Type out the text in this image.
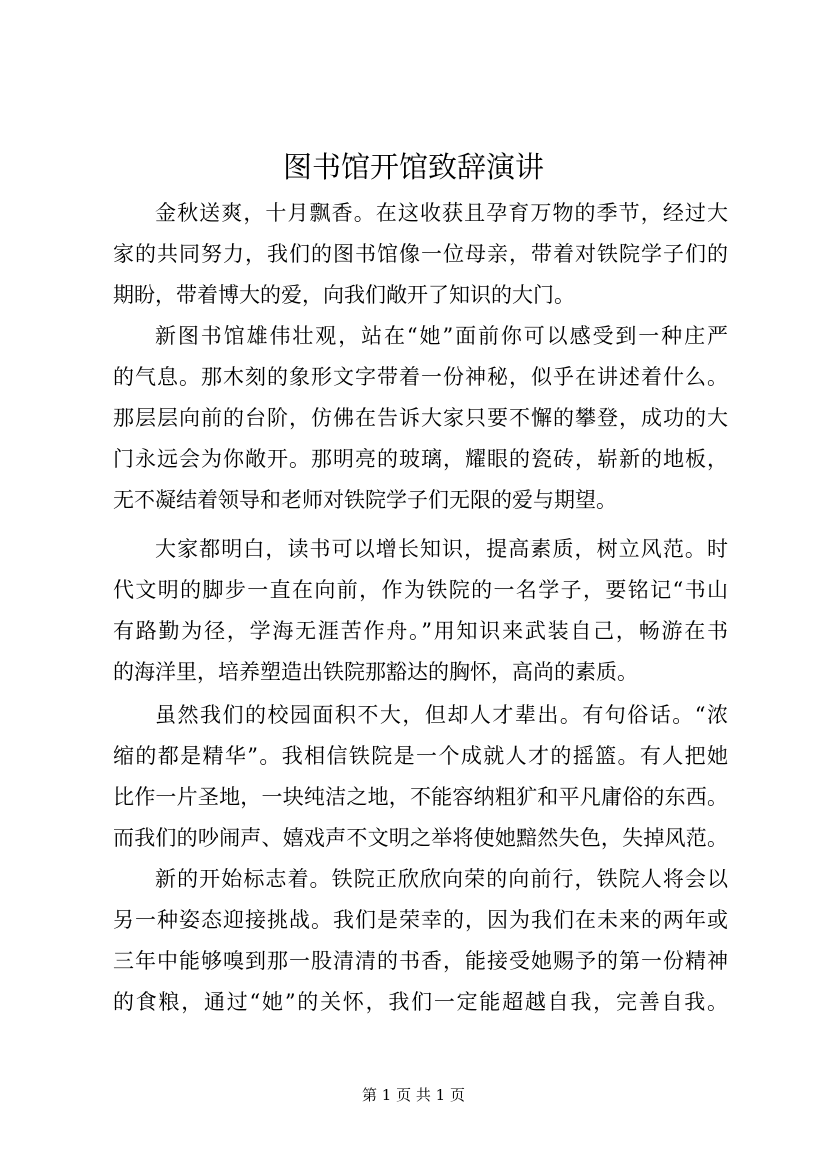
图书馆开馆致辞演讲

金秋送爽，十月飘香。在这收获且孕育万物的季节，经过大

家的共同努力，我们的图书馆像一位母亲，带着对铁院学子们的

期盼，带着博大的爱，向我们敞开了知识的大门。

新图书馆雄伟壮观，站在“她”面前你可以感受到一种庄严

的气息。那木刻的象形文字带着一份神秘，似乎在讲述着什么。

那层层向前的台阶，仿佛在告诉大家只要不懈的攀登，成功的大

门永远会为你敞开。那明亮的玻璃，耀眼的瓷砖，崭新的地板，

无不凝结着领导和老师对铁院学子们无限的爱与期望。

大家都明白，读书可以增长知识，提高素质，树立风范。时

代文明的脚步一直在向前，作为铁院的一名学子，要铭记“书山

有路勤为径，学海无涯苦作舟。”用知识来武装自己，畅游在书

的海洋里，培养塑造出铁院那豁达的胸怀，高尚的素质。

虽然我们的校园面积不大，但却人才辈出。有句俗话。“浓

缩的都是精华”。我相信铁院是一个成就人才的摇篮。有人把她

比作一片圣地，一块纯洁之地，不能容纳粗犷和平凡庸俗的东西。

而我们的吵闹声、嬉戏声不文明之举将使她黯然失色，失掉风范。

新的开始标志着。铁院正欣欣向荣的向前行，铁院人将会以

另一种姿态迎接挑战。我们是荣幸的，因为我们在未来的两年或

三年中能够嗅到那一股清清的书香，能接受她赐予的第一份精神

的食粮，通过“她”的关怀，我们一定能超越自我，完善自我。

第 1 页 共 1 页
